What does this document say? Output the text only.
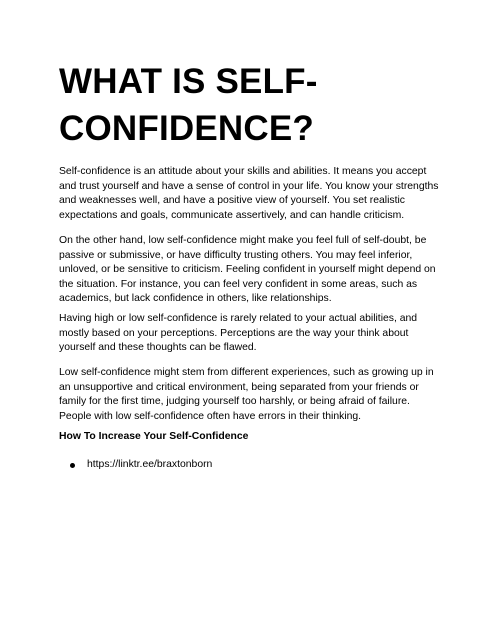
WHAT IS SELF-
CONFIDENCE?

Self-confidence is an attitude about your skills and abilities. It means you accept and trust yourself and have a sense of control in your life. You know your strengths and weaknesses well, and have a positive view of yourself. You set realistic expectations and goals, communicate assertively, and can handle criticism.

On the other hand, low self-confidence might make you feel full of self-doubt, be passive or submissive, or have difficulty trusting others. You may feel inferior, unloved, or be sensitive to criticism. Feeling confident in yourself might depend on the situation. For instance, you can feel very confident in some areas, such as academics, but lack confidence in others, like relationships.

Having high or low self-confidence is rarely related to your actual abilities, and mostly based on your perceptions. Perceptions are the way your think about yourself and these thoughts can be flawed.

Low self-confidence might stem from different experiences, such as growing up in an unsupportive and critical environment, being separated from your friends or family for the first time, judging yourself too harshly, or being afraid of failure. People with low self-confidence often have errors in their thinking.

How To Increase Your Self-Confidence
https://linktr.ee/braxtonborn
